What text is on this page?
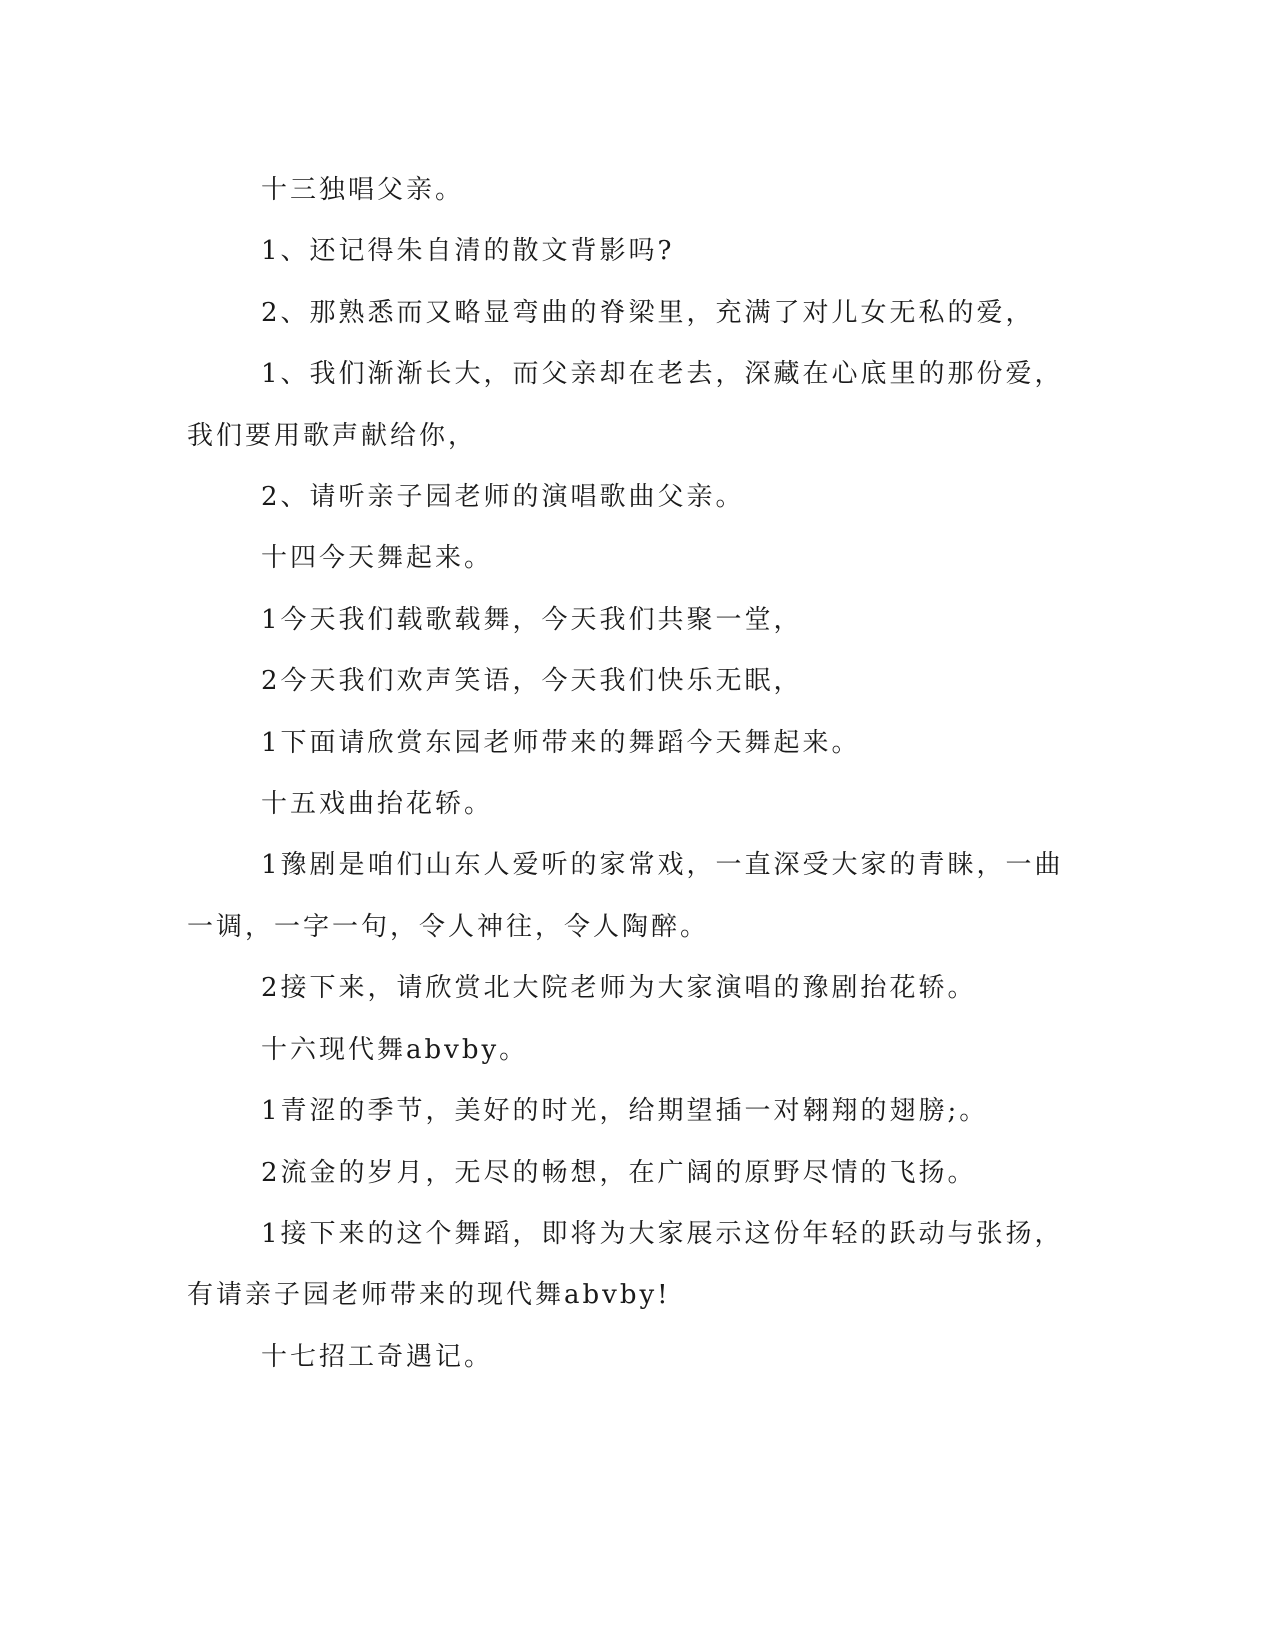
十三独唱父亲。

1、还记得朱自清的散文背影吗?

2、那熟悉而又略显弯曲的脊梁里，充满了对儿女无私的爱，

1、我们渐渐长大，而父亲却在老去，深藏在心底里的那份爱，

我们要用歌声献给你，

2、请听亲子园老师的演唱歌曲父亲。

十四今天舞起来。

1今天我们载歌载舞，今天我们共聚一堂，

2今天我们欢声笑语，今天我们快乐无眠，

1下面请欣赏东园老师带来的舞蹈今天舞起来。

十五戏曲抬花轿。

1豫剧是咱们山东人爱听的家常戏，一直深受大家的青睐，一曲

一调，一字一句，令人神往，令人陶醉。

2接下来，请欣赏北大院老师为大家演唱的豫剧抬花轿。

十六现代舞abvby。

1青涩的季节，美好的时光，给期望插一对翱翔的翅膀;。

2流金的岁月，无尽的畅想，在广阔的原野尽情的飞扬。

1接下来的这个舞蹈，即将为大家展示这份年轻的跃动与张扬，

有请亲子园老师带来的现代舞abvby!

十七招工奇遇记。
